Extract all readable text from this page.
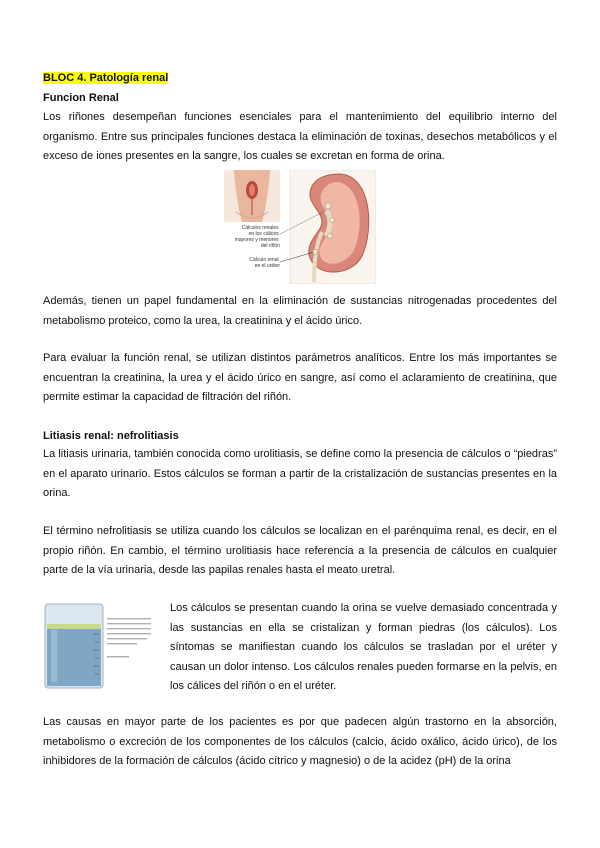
BLOC 4. Patología renal
Funcion Renal
Los riñones desempeñan funciones esenciales para el mantenimiento del equilibrio interno del organismo. Entre sus principales funciones destaca la eliminación de toxinas, desechos metabólicos y el exceso de iones presentes en la sangre, los cuales se excretan en forma de orina.
Cálculos renales en los cálices mayores y menores del riñón
Cálculo renal en el uréter
Además, tienen un papel fundamental en la eliminación de sustancias nitrogenadas procedentes del metabolismo proteico, como la urea, la creatinina y el ácido úrico.
Para evaluar la función renal, se utilizan distintos parámetros analíticos. Entre los más importantes se encuentran la creatinina, la urea y el ácido úrico en sangre, así como el aclaramiento de creatinina, que permite estimar la capacidad de filtración del riñón.
Litiasis renal: nefrolitiasis
La litiasis urinaria, también conocida como urolitiasis, se define como la presencia de cálculos o “piedras” en el aparato urinario. Estos cálculos se forman a partir de la cristalización de sustancias presentes en la orina.
El término nefrolitiasis se utiliza cuando los cálculos se localizan en el parénquima renal, es decir, en el propio riñón. En cambio, el término urolitiasis hace referencia a la presencia de cálculos en cualquier parte de la vía urinaria, desde las papilas renales hasta el meato uretral.
Los cálculos se presentan cuando la orina se vuelve demasiado concentrada y las sustancias en ella se cristalizan y forman piedras (los cálculos). Los síntomas se manifiestan cuando los cálculos se trasladan por el uréter y causan un dolor intenso. Los cálculos renales pueden formarse en la pelvis, en los cálices del riñón o en el uréter.
Las causas en mayor parte de los pacientes es por que padecen algún trastorno en la absorción, metabolismo o excreción de los componentes de los cálculos (calcio, ácido oxálico, ácido úrico), de los inhibidores de la formación de cálculos (ácido cítrico y magnesio) o de la acidez (pH) de la orina
